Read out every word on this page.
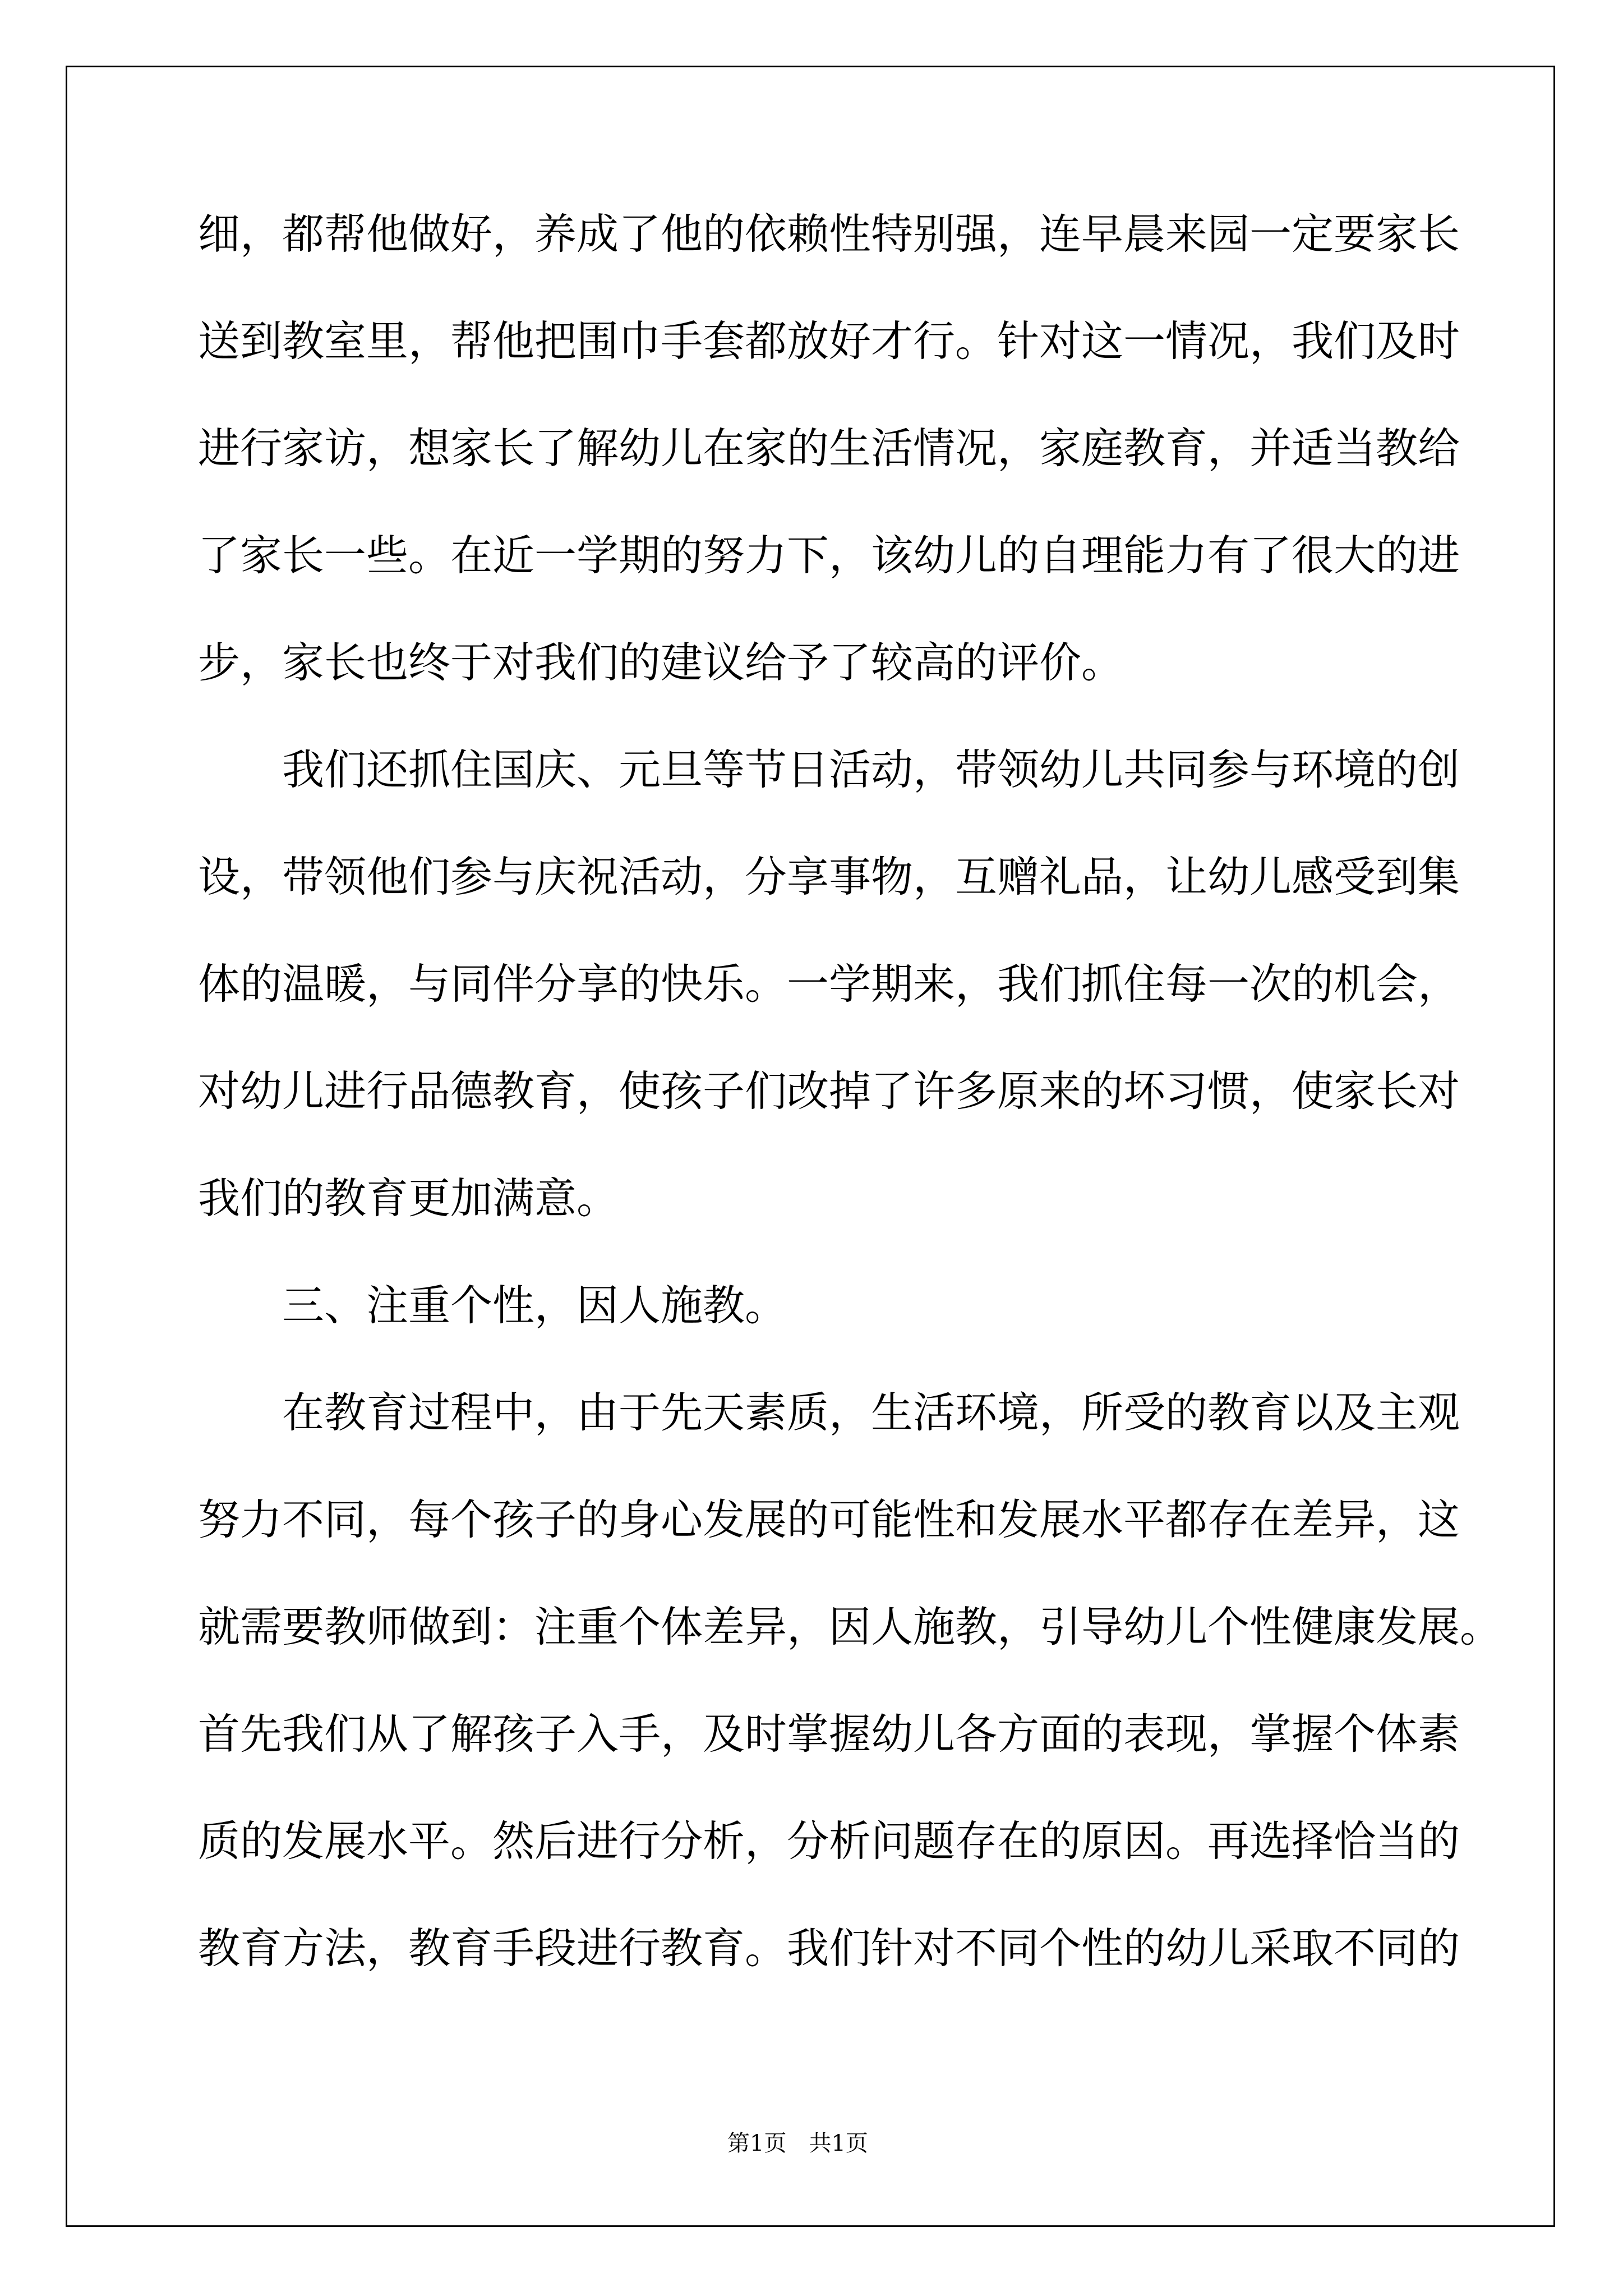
细，都帮他做好，养成了他的依赖性特别强，连早晨来园一定要家长
送到教室里，帮他把围巾手套都放好才行。针对这一情况，我们及时
进行家访，想家长了解幼儿在家的生活情况，家庭教育，并适当教给
了家长一些。在近一学期的努力下，该幼儿的自理能力有了很大的进
步，家长也终于对我们的建议给予了较高的评价。
　　我们还抓住国庆、元旦等节日活动，带领幼儿共同参与环境的创
设，带领他们参与庆祝活动，分享事物，互赠礼品，让幼儿感受到集
体的温暖，与同伴分享的快乐。一学期来，我们抓住每一次的机会，
对幼儿进行品德教育，使孩子们改掉了许多原来的坏习惯，使家长对
我们的教育更加满意。
　　三、注重个性，因人施教。
　　在教育过程中，由于先天素质，生活环境，所受的教育以及主观
努力不同，每个孩子的身心发展的可能性和发展水平都存在差异，这
就需要教师做到：注重个体差异，因人施教，引导幼儿个性健康发展。
首先我们从了解孩子入手，及时掌握幼儿各方面的表现，掌握个体素
质的发展水平。然后进行分析，分析问题存在的原因。再选择恰当的
教育方法，教育手段进行教育。我们针对不同个性的幼儿采取不同的
第1页　共1页
